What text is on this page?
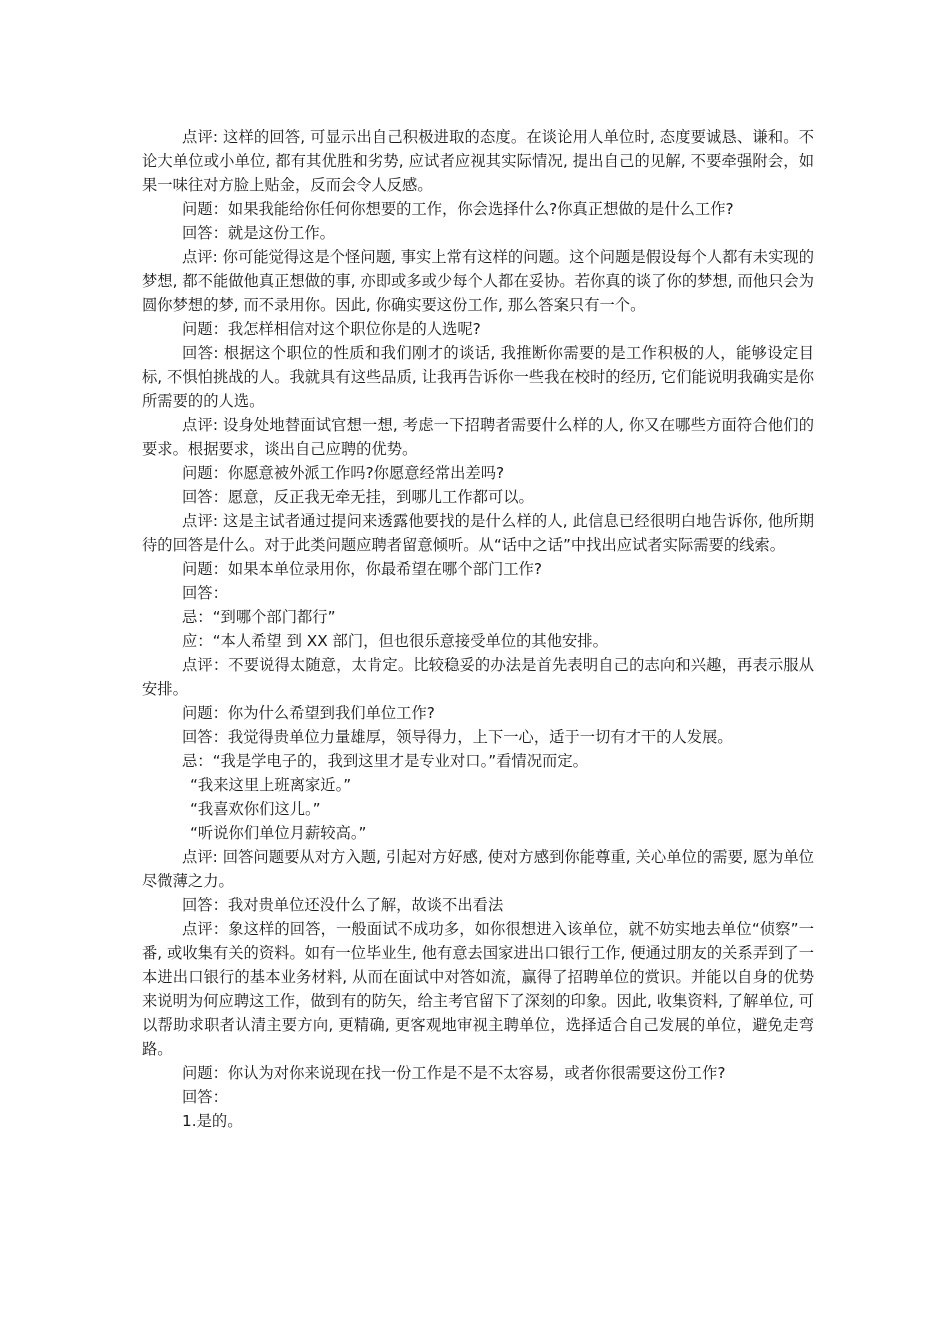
点评: 这样的回答, 可显示出自己积极进取的态度。在谈论用人单位时, 态度要诚恳、谦和。不论大单位或小单位, 都有其优胜和劣势, 应试者应视其实际情况, 提出自己的见解, 不要牵强附会，如果一味往对方脸上贴金，反而会令人反感。

问题：如果我能给你任何你想要的工作，你会选择什么?你真正想做的是什么工作?

回答：就是这份工作。

点评: 你可能觉得这是个怪问题, 事实上常有这样的问题。这个问题是假设每个人都有未实现的梦想, 都不能做他真正想做的事, 亦即或多或少每个人都在妥协。若你真的谈了你的梦想, 而他只会为圆你梦想的梦, 而不录用你。因此, 你确实要这份工作, 那么答案只有一个。

问题：我怎样相信对这个职位你是的人选呢?

回答: 根据这个职位的性质和我们刚才的谈话, 我推断你需要的是工作积极的人，能够设定目标, 不惧怕挑战的人。我就具有这些品质, 让我再告诉你一些我在校时的经历, 它们能说明我确实是你所需要的的人选。

点评: 设身处地替面试官想一想, 考虑一下招聘者需要什么样的人, 你又在哪些方面符合他们的要求。根据要求，谈出自己应聘的优势。

问题：你愿意被外派工作吗?你愿意经常出差吗?

回答：愿意，反正我无牵无挂，到哪儿工作都可以。

点评: 这是主试者通过提问来透露他要找的是什么样的人, 此信息已经很明白地告诉你, 他所期待的回答是什么。对于此类问题应聘者留意倾听。从“话中之话”中找出应试者实际需要的线索。

问题：如果本单位录用你，你最希望在哪个部门工作?

回答：

忌：“到哪个部门都行”

应：“本人希望 到 XX 部门，但也很乐意接受单位的其他安排。

点评：不要说得太随意，太肯定。比较稳妥的办法是首先表明自己的志向和兴趣，再表示服从安排。

问题：你为什么希望到我们单位工作?

回答：我觉得贵单位力量雄厚，领导得力，上下一心，适于一切有才干的人发展。

忌：“我是学电子的，我到这里才是专业对口。”看情况而定。

“我来这里上班离家近。”

“我喜欢你们这儿。”

“听说你们单位月薪较高。”

点评: 回答问题要从对方入题, 引起对方好感, 使对方感到你能尊重, 关心单位的需要, 愿为单位尽微薄之力。

回答：我对贵单位还没什么了解，故谈不出看法

点评：象这样的回答，一般面试不成功多，如你很想进入该单位，就不妨实地去单位“侦察”一番, 或收集有关的资料。如有一位毕业生, 他有意去国家进出口银行工作, 便通过朋友的关系弄到了一本进出口银行的基本业务材料, 从而在面试中对答如流，赢得了招聘单位的赏识。并能以自身的优势来说明为何应聘这工作，做到有的防矢，给主考官留下了深刻的印象。因此, 收集资料, 了解单位, 可以帮助求职者认清主要方向, 更精确, 更客观地审视主聘单位，选择适合自己发展的单位，避免走弯路。

问题：你认为对你来说现在找一份工作是不是不太容易，或者你很需要这份工作?

回答：

1.是的。
